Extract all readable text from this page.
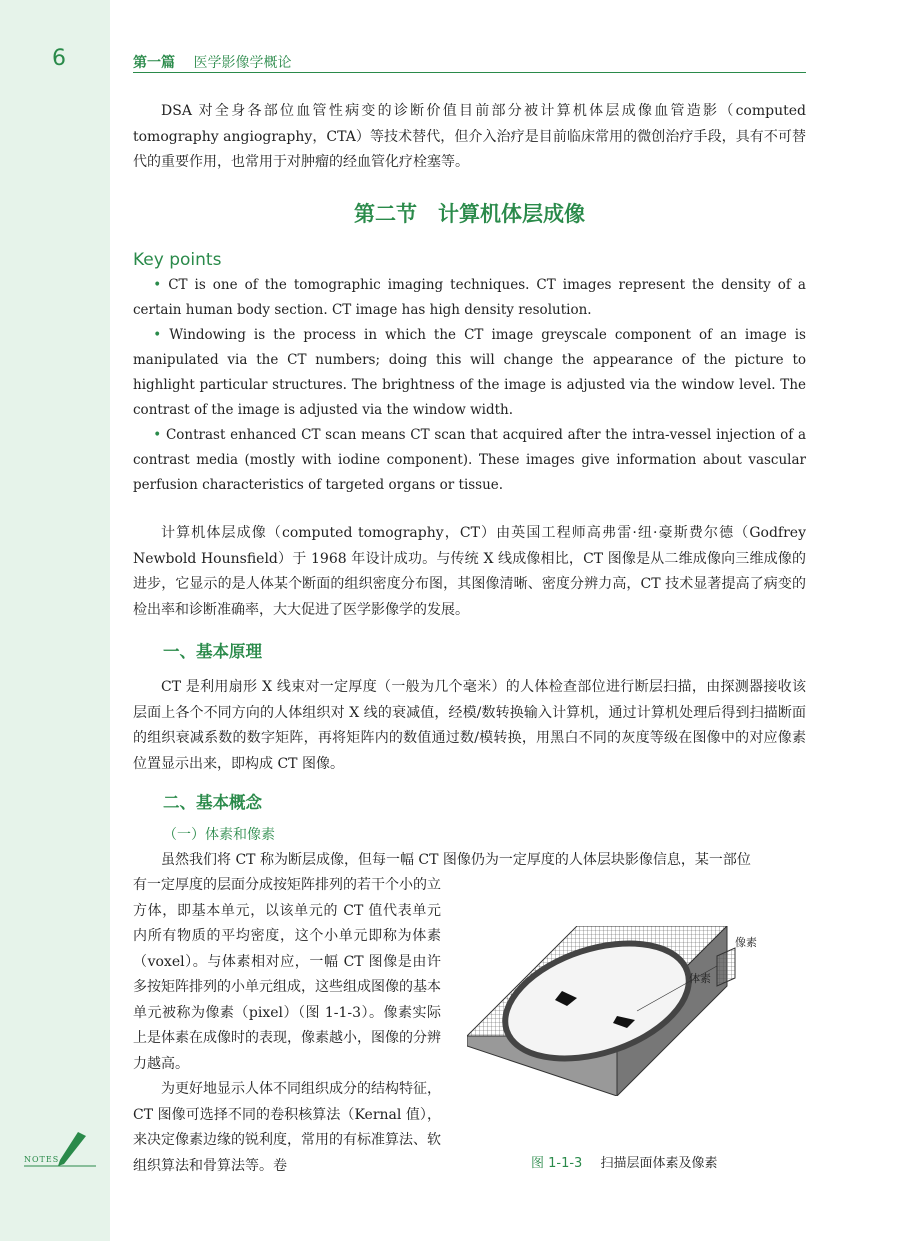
6	第一篇 医学影像学概论

DSA 对全身各部位血管性病变的诊断价值目前部分被计算机体层成像血管造影（computed tomography angiography，CTA）等技术替代，但介入治疗是目前临床常用的微创治疗手段，具有不可替代的重要作用，也常用于对肿瘤的经血管化疗栓塞等。

第二节　计算机体层成像
Key points

• CT is one of the tomographic imaging techniques. CT images represent the density of a certain human body section. CT image has high density resolution.

• Windowing is the process in which the CT image greyscale component of an image is manipulated via the CT numbers; doing this will change the appearance of the picture to highlight particular structures. The brightness of the image is adjusted via the window level. The contrast of the image is adjusted via the window width.

• Contrast enhanced CT scan means CT scan that acquired after the intra-vessel injection of a contrast media (mostly with iodine component). These images give information about vascular perfusion characteristics of targeted organs or tissue.

计算机体层成像（computed tomography，CT）由英国工程师高弗雷·纽·豪斯费尔德（Godfrey Newbold Hounsfield）于 1968 年设计成功。与传统 X 线成像相比，CT 图像是从二维成像向三维成像的进步，它显示的是人体某个断面的组织密度分布图，其图像清晰、密度分辨力高，CT 技术显著提高了病变的检出率和诊断准确率，大大促进了医学影像学的发展。

一、基本原理

CT 是利用扇形 X 线束对一定厚度（一般为几个毫米）的人体检查部位进行断层扫描，由探测器接收该层面上各个不同方向的人体组织对 X 线的衰减值，经模/数转换输入计算机，通过计算机处理后得到扫描断面的组织衰减系数的数字矩阵，再将矩阵内的数值通过数/模转换，用黑白不同的灰度等级在图像中的对应像素位置显示出来，即构成 CT 图像。

二、基本概念
（一）体素和像素

虽然我们将 CT 称为断层成像，但每一幅 CT 图像仍为一定厚度的人体层块影像信息，某一部位

有一定厚度的层面分成按矩阵排列的若干个小的立方体，即基本单元，以该单元的 CT 值代表单元内所有物质的平均密度，这个小单元即称为体素（voxel）。与体素相对应，一幅 CT 图像是由许多按矩阵排列的小单元组成，这些组成图像的基本单元被称为像素（pixel）（图 1-1-3）。像素实际上是体素在成像时的表现，像素越小，图像的分辨力越高。

为更好地显示人体不同组织成分的结构特征，CT 图像可选择不同的卷积核算法（Kernal 值），来决定像素边缘的锐利度，常用的有标准算法、软组织算法和骨算法等。卷

像素
体素
图 1-1-3 扫描层面体素及像素
NOTES
